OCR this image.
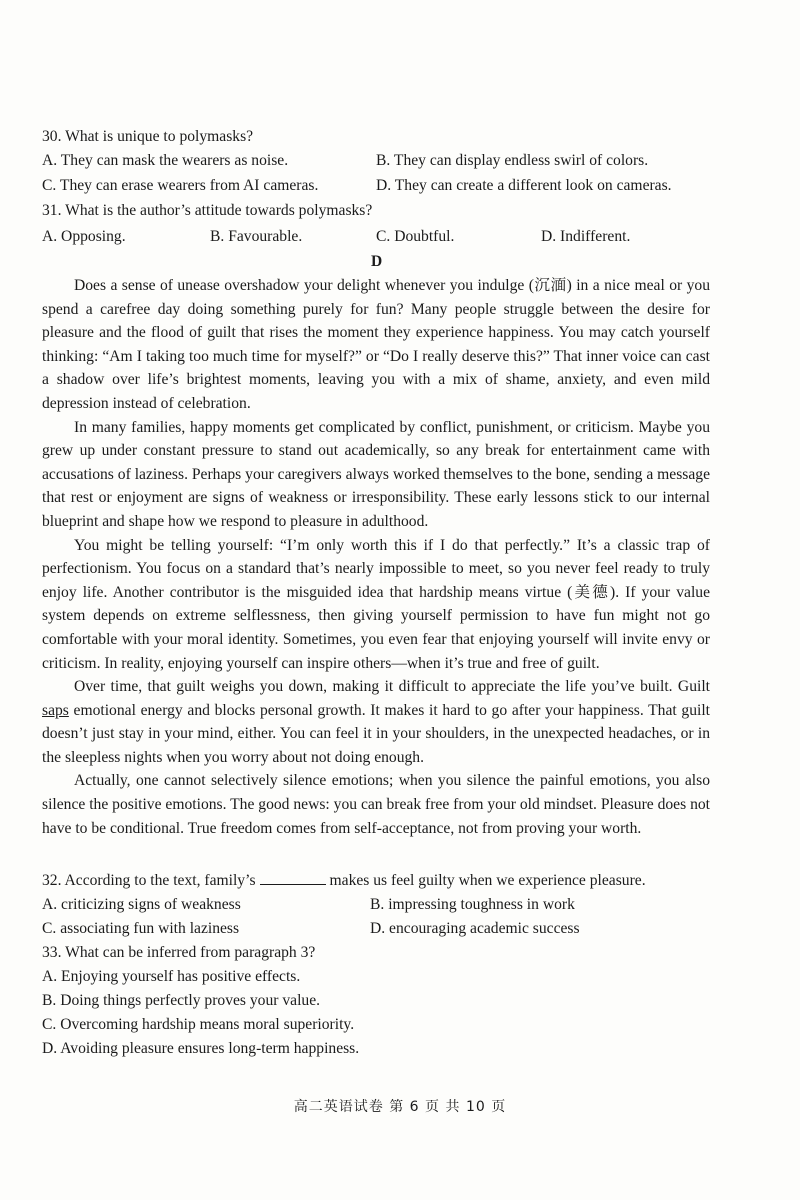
30. What is unique to polymasks?
A. They can mask the wearers as noise.	B. They can display endless swirl of colors.
C. They can erase wearers from AI cameras.	D. They can create a different look on cameras.
31. What is the author’s attitude towards polymasks?
A. Opposing.	B. Favourable.	C. Doubtful.	D. Indifferent.
D

Does a sense of unease overshadow your delight whenever you indulge (沉湎) in a nice meal or you spend a carefree day doing something purely for fun? Many people struggle between the desire for pleasure and the flood of guilt that rises the moment they experience happiness. You may catch yourself thinking: “Am I taking too much time for myself?” or “Do I really deserve this?” That inner voice can cast a shadow over life’s brightest moments, leaving you with a mix of shame, anxiety, and even mild depression instead of celebration.

In many families, happy moments get complicated by conflict, punishment, or criticism. Maybe you grew up under constant pressure to stand out academically, so any break for entertainment came with accusations of laziness. Perhaps your caregivers always worked themselves to the bone, sending a message that rest or enjoyment are signs of weakness or irresponsibility. These early lessons stick to our internal blueprint and shape how we respond to pleasure in adulthood.

You might be telling yourself: “I’m only worth this if I do that perfectly.” It’s a classic trap of perfectionism. You focus on a standard that’s nearly impossible to meet, so you never feel ready to truly enjoy life. Another contributor is the misguided idea that hardship means virtue (美德). If your value system depends on extreme selflessness, then giving yourself permission to have fun might not go comfortable with your moral identity. Sometimes, you even fear that enjoying yourself will invite envy or criticism. In reality, enjoying yourself can inspire others—when it’s true and free of guilt.

Over time, that guilt weighs you down, making it difficult to appreciate the life you’ve built. Guilt saps emotional energy and blocks personal growth. It makes it hard to go after your happiness. That guilt doesn’t just stay in your mind, either. You can feel it in your shoulders, in the unexpected headaches, or in the sleepless nights when you worry about not doing enough.

Actually, one cannot selectively silence emotions; when you silence the painful emotions, you also silence the positive emotions. The good news: you can break free from your old mindset. Pleasure does not have to be conditional. True freedom comes from self-acceptance, not from proving your worth.

32. According to the text, family’s	makes us feel guilty when we experience pleasure.
A. criticizing signs of weakness	B. impressing toughness in work
C. associating fun with laziness	D. encouraging academic success
33. What can be inferred from paragraph 3?
A. Enjoying yourself has positive effects.
B. Doing things perfectly proves your value.
C. Overcoming hardship means moral superiority.
D. Avoiding pleasure ensures long-term happiness.
高二英语试卷 第 6 页 共 10 页
